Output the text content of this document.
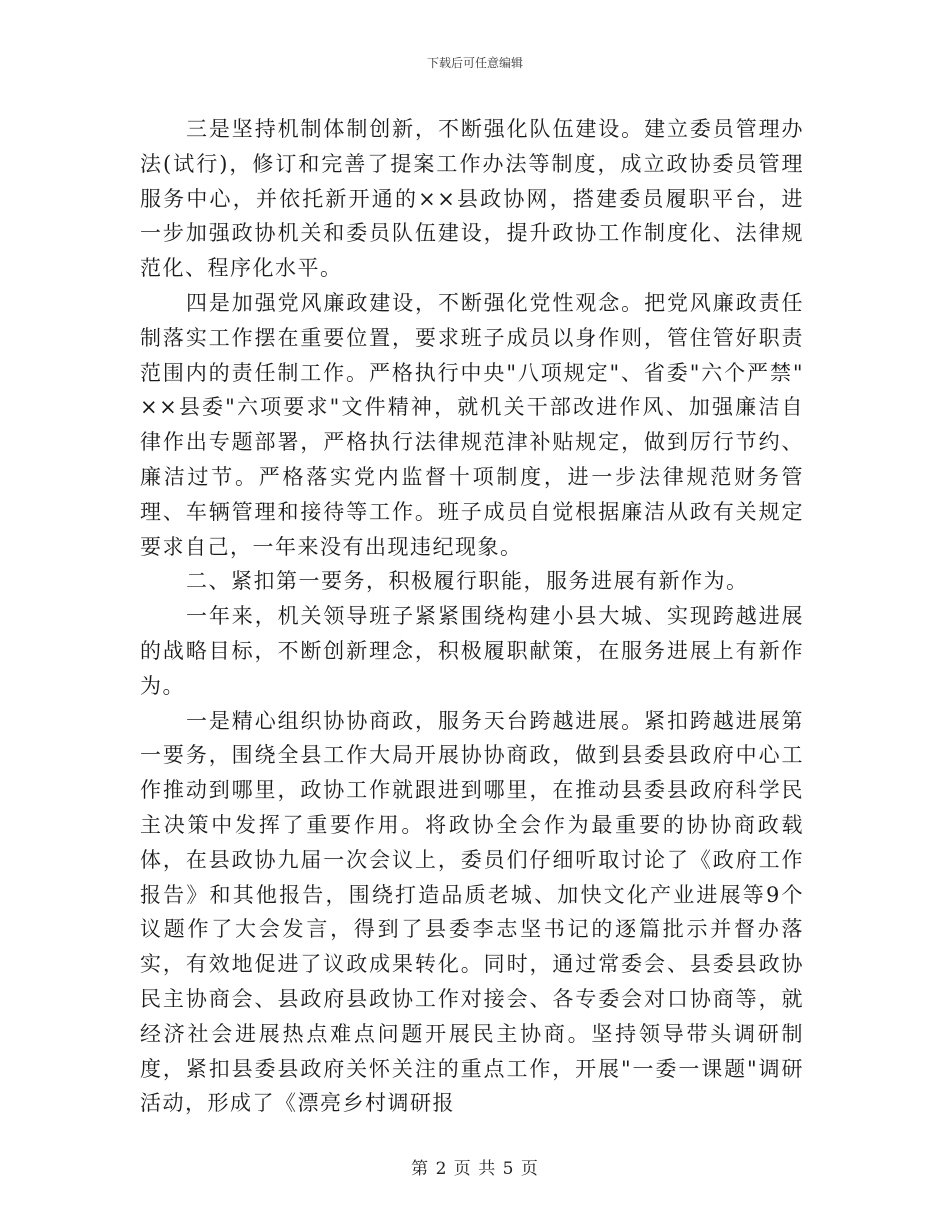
下载后可任意编辑

三是坚持机制体制创新，不断强化队伍建设。建立委员管理办法(试行)，修订和完善了提案工作办法等制度，成立政协委员管理服务中心，并依托新开通的××县政协网，搭建委员履职平台，进一步加强政协机关和委员队伍建设，提升政协工作制度化、法律规范化、程序化水平。

四是加强党风廉政建设，不断强化党性观念。把党风廉政责任制落实工作摆在重要位置，要求班子成员以身作则，管住管好职责范围内的责任制工作。严格执行中央"八项规定"、省委"六个严禁" ××县委"六项要求"文件精神，就机关干部改进作风、加强廉洁自律作出专题部署，严格执行法律规范津补贴规定，做到厉行节约、廉洁过节。严格落实党内监督十项制度，进一步法律规范财务管理、车辆管理和接待等工作。班子成员自觉根据廉洁从政有关规定要求自己，一年来没有出现违纪现象。

二、紧扣第一要务，积极履行职能，服务进展有新作为。

一年来，机关领导班子紧紧围绕构建小县大城、实现跨越进展的战略目标，不断创新理念，积极履职献策，在服务进展上有新作为。

一是精心组织协协商政，服务天台跨越进展。紧扣跨越进展第一要务，围绕全县工作大局开展协协商政，做到县委县政府中心工作推动到哪里，政协工作就跟进到哪里，在推动县委县政府科学民主决策中发挥了重要作用。将政协全会作为最重要的协协商政载体，在县政协九届一次会议上，委员们仔细听取讨论了《政府工作报告》和其他报告，围绕打造品质老城、加快文化产业进展等9个议题作了大会发言，得到了县委李志坚书记的逐篇批示并督办落实，有效地促进了议政成果转化。同时，通过常委会、县委县政协民主协商会、县政府县政协工作对接会、各专委会对口协商等，就经济社会进展热点难点问题开展民主协商。坚持领导带头调研制度，紧扣县委县政府关怀关注的重点工作，开展"一委一课题"调研活动，形成了《漂亮乡村调研报

第 2 页 共 5 页
